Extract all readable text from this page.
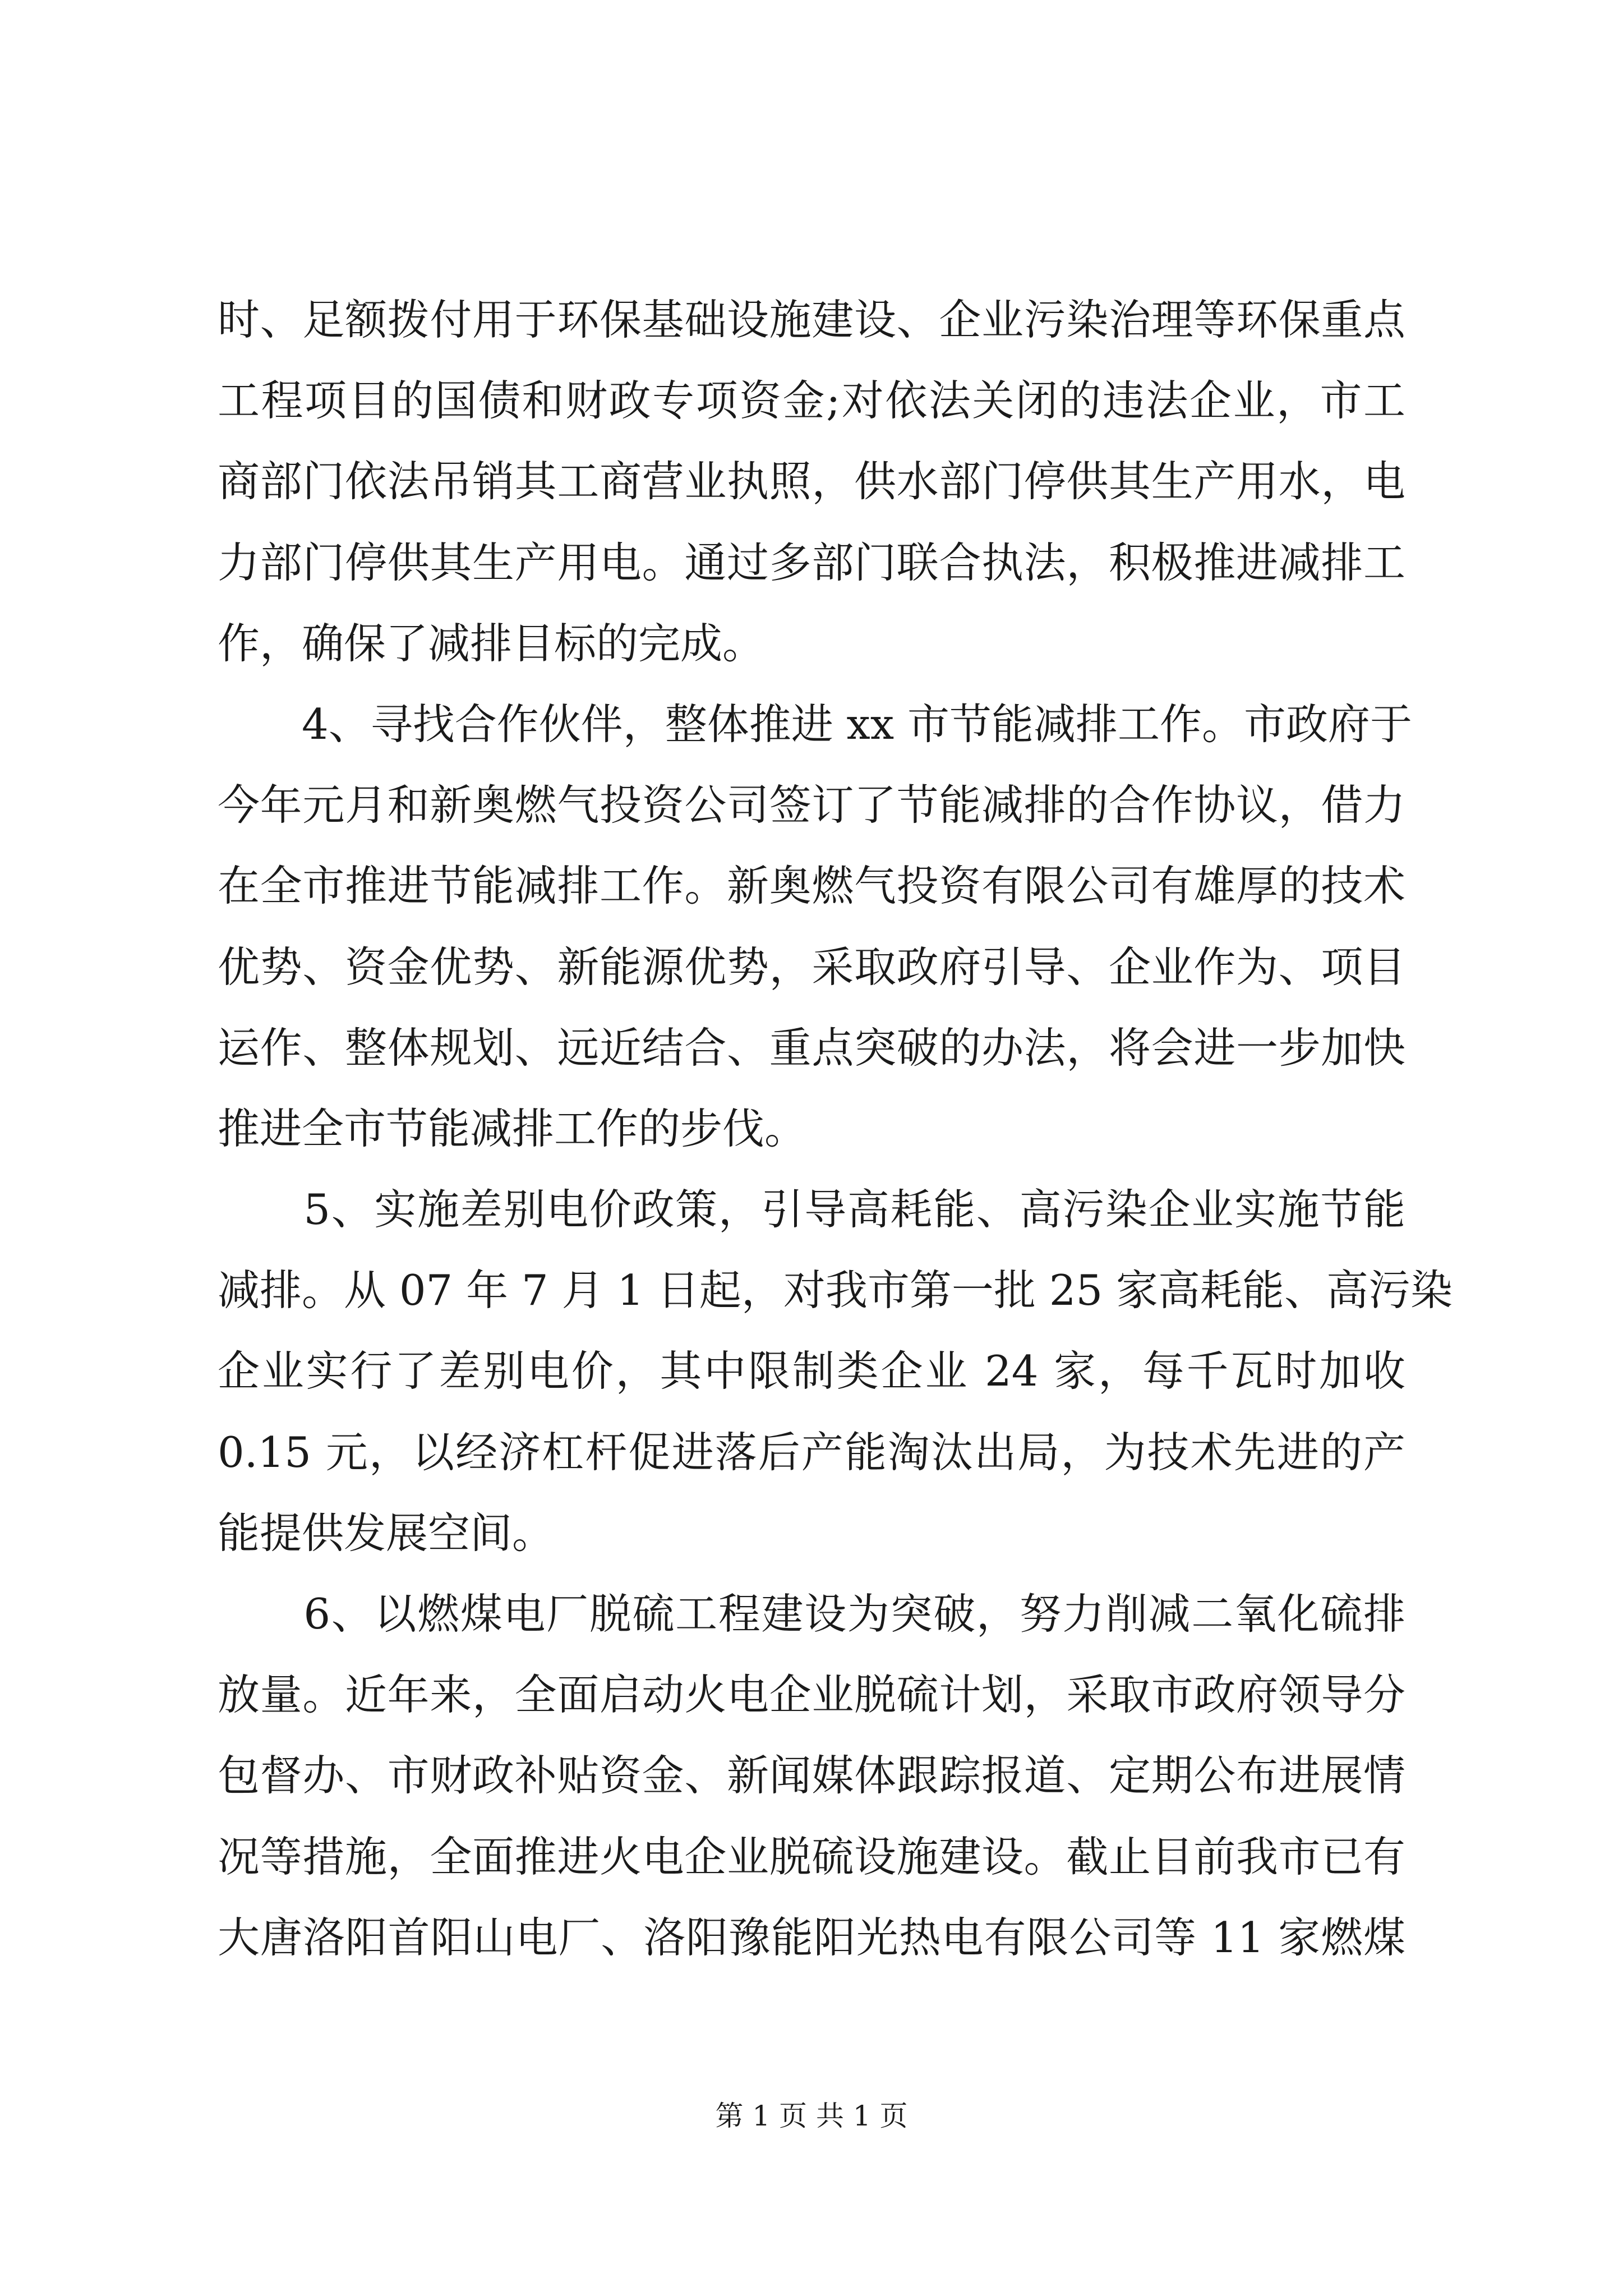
时、足额拨付用于环保基础设施建设、企业污染治理等环保重点
工程项目的国债和财政专项资金;对依法关闭的违法企业，市工
商部门依法吊销其工商营业执照，供水部门停供其生产用水，电
力部门停供其生产用电。通过多部门联合执法，积极推进减排工
作，确保了减排目标的完成。
　　4、寻找合作伙伴，整体推进 xx 市节能减排工作。市政府于
今年元月和新奥燃气投资公司签订了节能减排的合作协议，借力
在全市推进节能减排工作。新奥燃气投资有限公司有雄厚的技术
优势、资金优势、新能源优势，采取政府引导、企业作为、项目
运作、整体规划、远近结合、重点突破的办法，将会进一步加快
推进全市节能减排工作的步伐。
　　5、实施差别电价政策，引导高耗能、高污染企业实施节能
减排。从 07 年 7 月 1 日起，对我市第一批 25 家高耗能、高污染
企业实行了差别电价，其中限制类企业 24 家，每千瓦时加收
0.15 元，以经济杠杆促进落后产能淘汰出局，为技术先进的产
能提供发展空间。
　　6、以燃煤电厂脱硫工程建设为突破，努力削减二氧化硫排
放量。近年来，全面启动火电企业脱硫计划，采取市政府领导分
包督办、市财政补贴资金、新闻媒体跟踪报道、定期公布进展情
况等措施，全面推进火电企业脱硫设施建设。截止目前我市已有
大唐洛阳首阳山电厂、洛阳豫能阳光热电有限公司等 11 家燃煤
第 1 页 共 1 页
